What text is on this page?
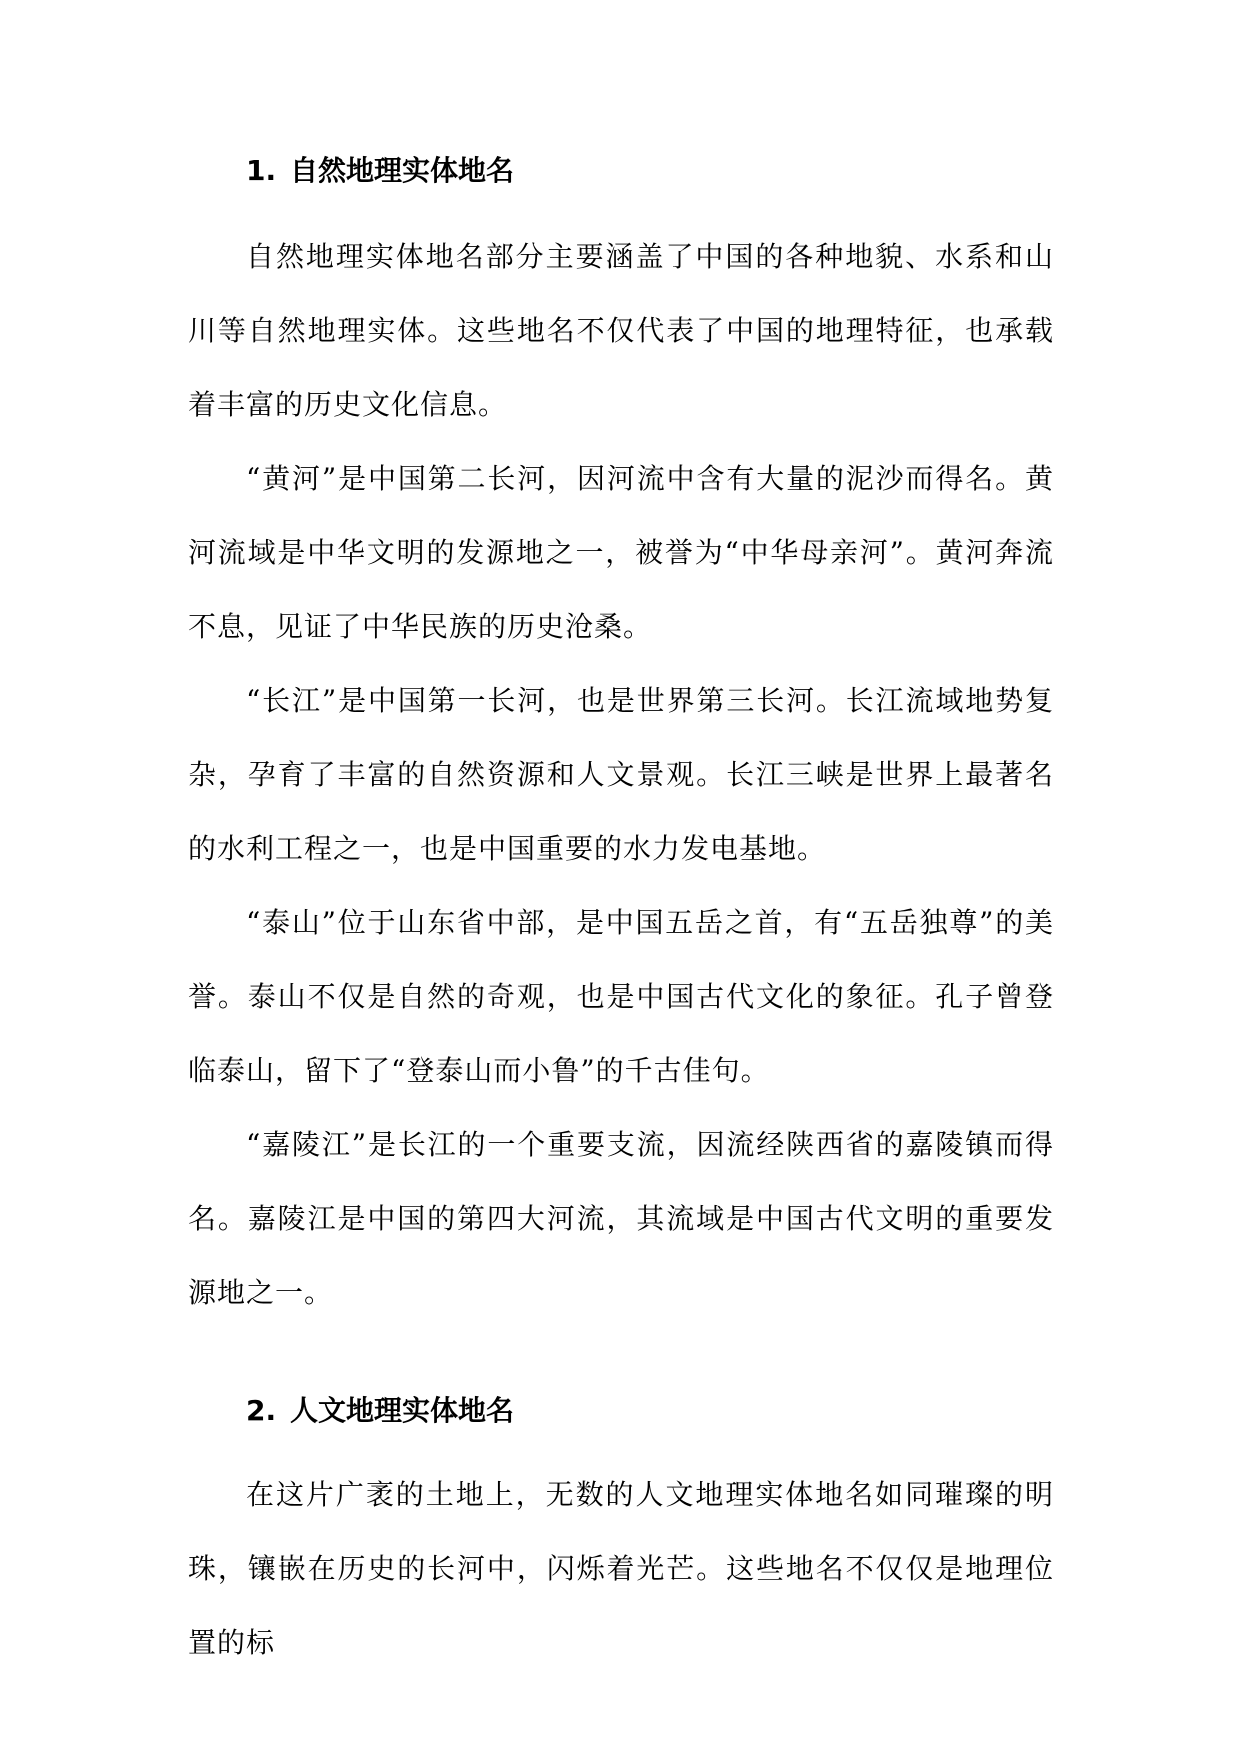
1. 自然地理实体地名

自然地理实体地名部分主要涵盖了中国的各种地貌、水系和山川等自然地理实体。这些地名不仅代表了中国的地理特征，也承载着丰富的历史文化信息。

“黄河”是中国第二长河，因河流中含有大量的泥沙而得名。黄河流域是中华文明的发源地之一，被誉为“中华母亲河”。黄河奔流不息，见证了中华民族的历史沧桑。

“长江”是中国第一长河，也是世界第三长河。长江流域地势复杂，孕育了丰富的自然资源和人文景观。长江三峡是世界上最著名的水利工程之一，也是中国重要的水力发电基地。

“泰山”位于山东省中部，是中国五岳之首，有“五岳独尊”的美誉。泰山不仅是自然的奇观，也是中国古代文化的象征。孔子曾登临泰山，留下了“登泰山而小鲁”的千古佳句。

“嘉陵江”是长江的一个重要支流，因流经陕西省的嘉陵镇而得名。嘉陵江是中国的第四大河流，其流域是中国古代文明的重要发源地之一。

2. 人文地理实体地名

在这片广袤的土地上，无数的人文地理实体地名如同璀璨的明珠，镶嵌在历史的长河中，闪烁着光芒。这些地名不仅仅是地理位置的标
